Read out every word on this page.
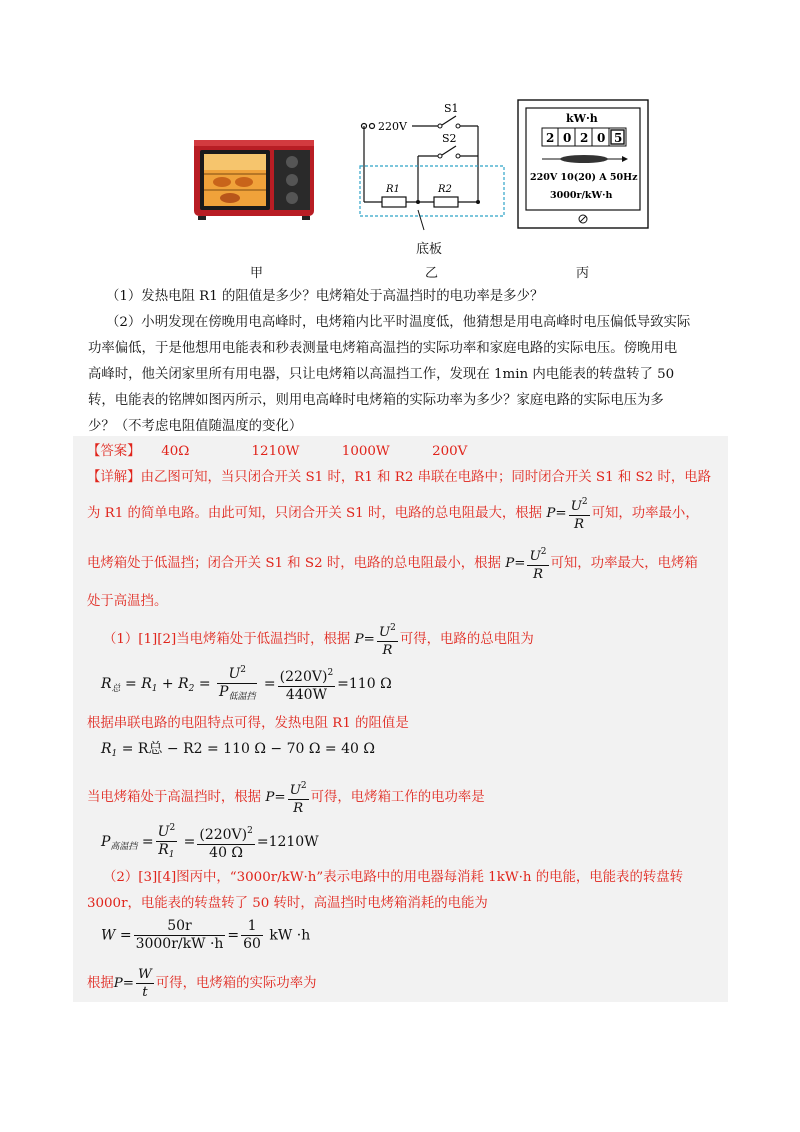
220V
S1
S2
R1	R2
底板
kW·h
2 0 2 0 5
220V 10(20) A 50Hz
3000r/kW·h
甲	乙	丙

（1）发热电阻 R1 的阻值是多少？电烤箱处于高温挡时的电功率是多少？

（2）小明发现在傍晚用电高峰时，电烤箱内比平时温度低，他猜想是用电高峰时电压偏低导致实际

功率偏低，于是他想用电能表和秒表测量电烤箱高温挡的实际功率和家庭电路的实际电压。傍晚用电

高峰时，他关闭家里所有用电器，只让电烤箱以高温挡工作，发现在 1min 内电能表的转盘转了 50

转，电能表的铭牌如图丙所示，则用电高峰时电烤箱的实际功率为多少？家庭电路的实际电压为多

少？（不考虑电阻值随温度的变化）

【答案】 40Ω	1210W	1000W	200V
【详解】由乙图可知，当只闭合开关 S1 时，R1 和 R2 串联在电路中；同时闭合开关 S1 和 S2 时，电路
为 R1 的简单电路。由此可知，只闭合开关 S1 时，电路的总电阻最大，根据 $P= \frac{U^2}{R}$ 可知，功率最小，
电烤箱处于低温挡；闭合开关 S1 和 S2 时，电路的总电阻最小，根据 $P= \frac{U^2}{R}$ 可知，功率最大，电烤箱
处于高温挡。
（1）[1][2]当电烤箱处于低温挡时，根据 $P= \frac{U^2}{R}$ 可得，电路的总电阻为
$R_总 = R_1 + R_2 = \frac{U^2}{P_{低温挡}} = \frac{(220V)^2}{440W} =110$ Ω
根据串联电路的电阻特点可得，发热电阻 R1 的阻值是
$R_1 = R$总 − R2 = 110 Ω − 70 Ω = 40 Ω
当电烤箱处于高温挡时，根据 $P= \frac{U^2}{R}$ 可得，电烤箱工作的电功率是
$P_{高温挡} = \frac{U^2}{R_1} = \frac{(220V)^2}{40 \Omega} =1210W$
（2）[3][4]图丙中，“3000r/kW·h”表示电路中的用电器每消耗 1kW·h 的电能，电能表的转盘转
3000r，电能表的转盘转了 50 转时，高温挡时电烤箱消耗的电能为
$W = \frac{50r}{3000r/kW \cdot h} = \frac{1}{60}$ kW ·h
根据$P= \frac{W}{t}$ 可得，电烤箱的实际功率为
